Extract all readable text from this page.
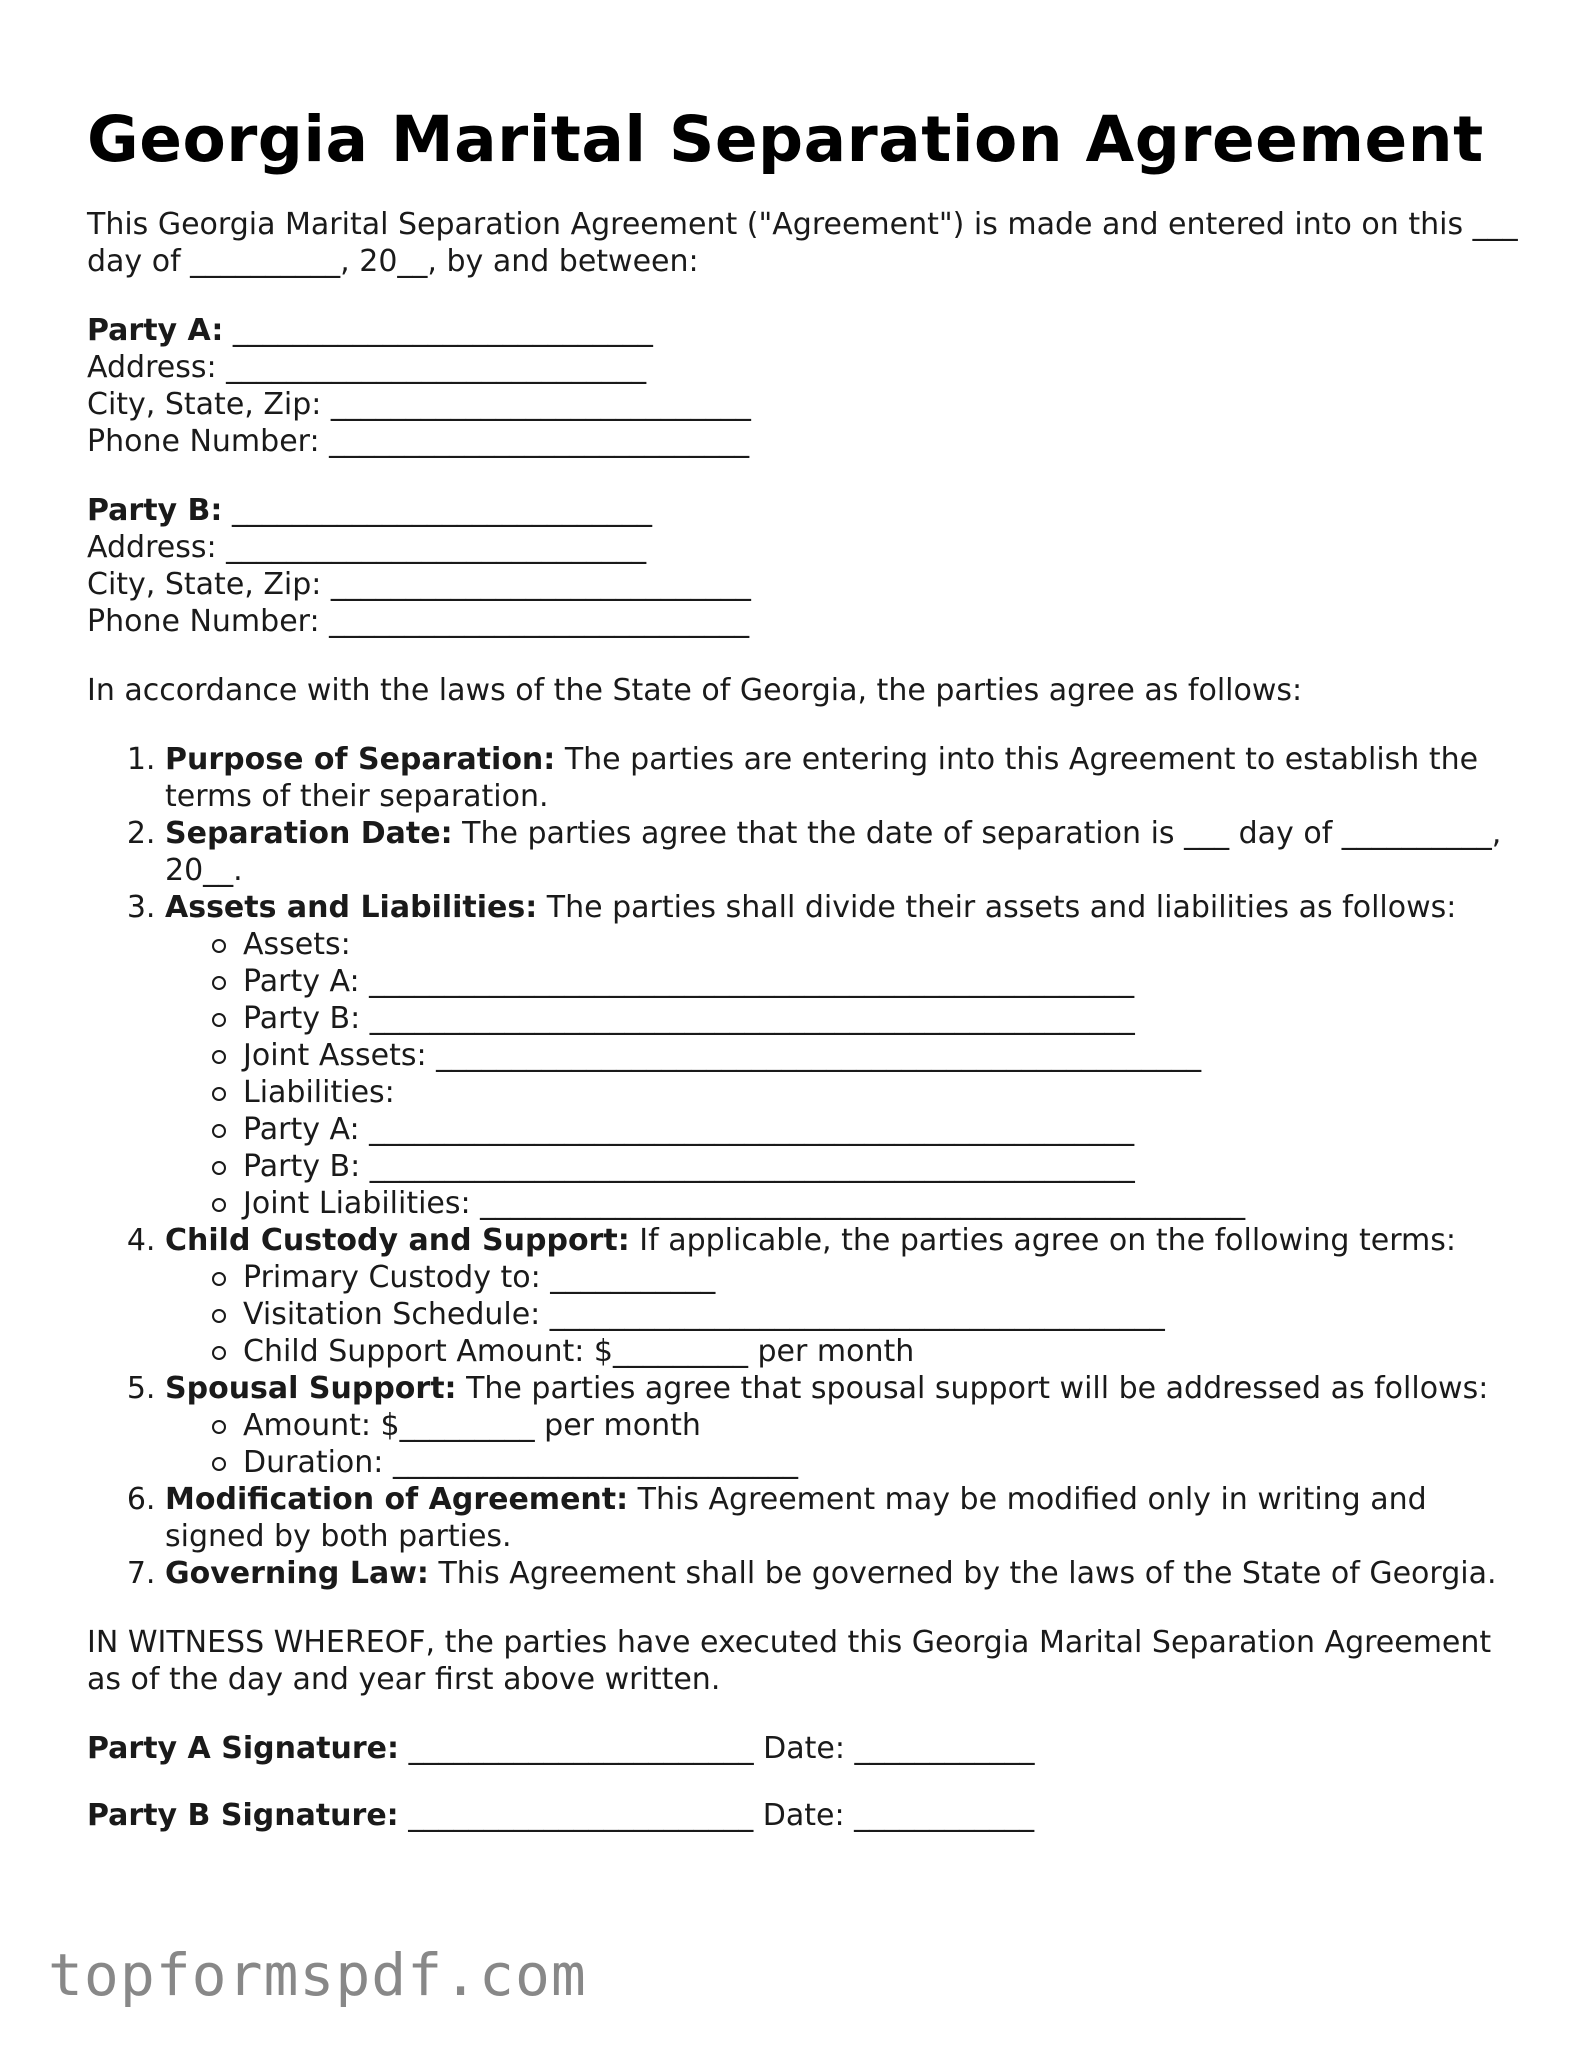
Georgia Marital Separation Agreement

This Georgia Marital Separation Agreement ("Agreement") is made and entered into on this ___ day of __________, 20__, by and between:

Party A: ____________________________
Address: ____________________________
City, State, Zip: ____________________________
Phone Number: ____________________________
Party B: ____________________________
Address: ____________________________
City, State, Zip: ____________________________
Phone Number: ____________________________

In accordance with the laws of the State of Georgia, the parties agree as follows:

1. Purpose of Separation: The parties are entering into this Agreement to establish the terms of their separation.
2. Separation Date: The parties agree that the date of separation is ___ day of __________, 20__.
3. Assets and Liabilities: The parties shall divide their assets and liabilities as follows:
Assets:
Party A: ___________________________________________________
Party B: ___________________________________________________
Joint Assets: ___________________________________________________
Liabilities:
Party A: ___________________________________________________
Party B: ___________________________________________________
Joint Liabilities: ___________________________________________________
4. Child Custody and Support: If applicable, the parties agree on the following terms:
Primary Custody to: ___________
Visitation Schedule: _________________________________________
Child Support Amount: $_________ per month
5. Spousal Support: The parties agree that spousal support will be addressed as follows:
Amount: $_________ per month
Duration: ___________________________
6. Modification of Agreement: This Agreement may be modified only in writing and signed by both parties.
7. Governing Law: This Agreement shall be governed by the laws of the State of Georgia.

IN WITNESS WHEREOF, the parties have executed this Georgia Marital Separation Agreement as of the day and year first above written.

Party A Signature: _______________________ Date: ____________

Party B Signature: _______________________ Date: ____________

topformspdf.com
